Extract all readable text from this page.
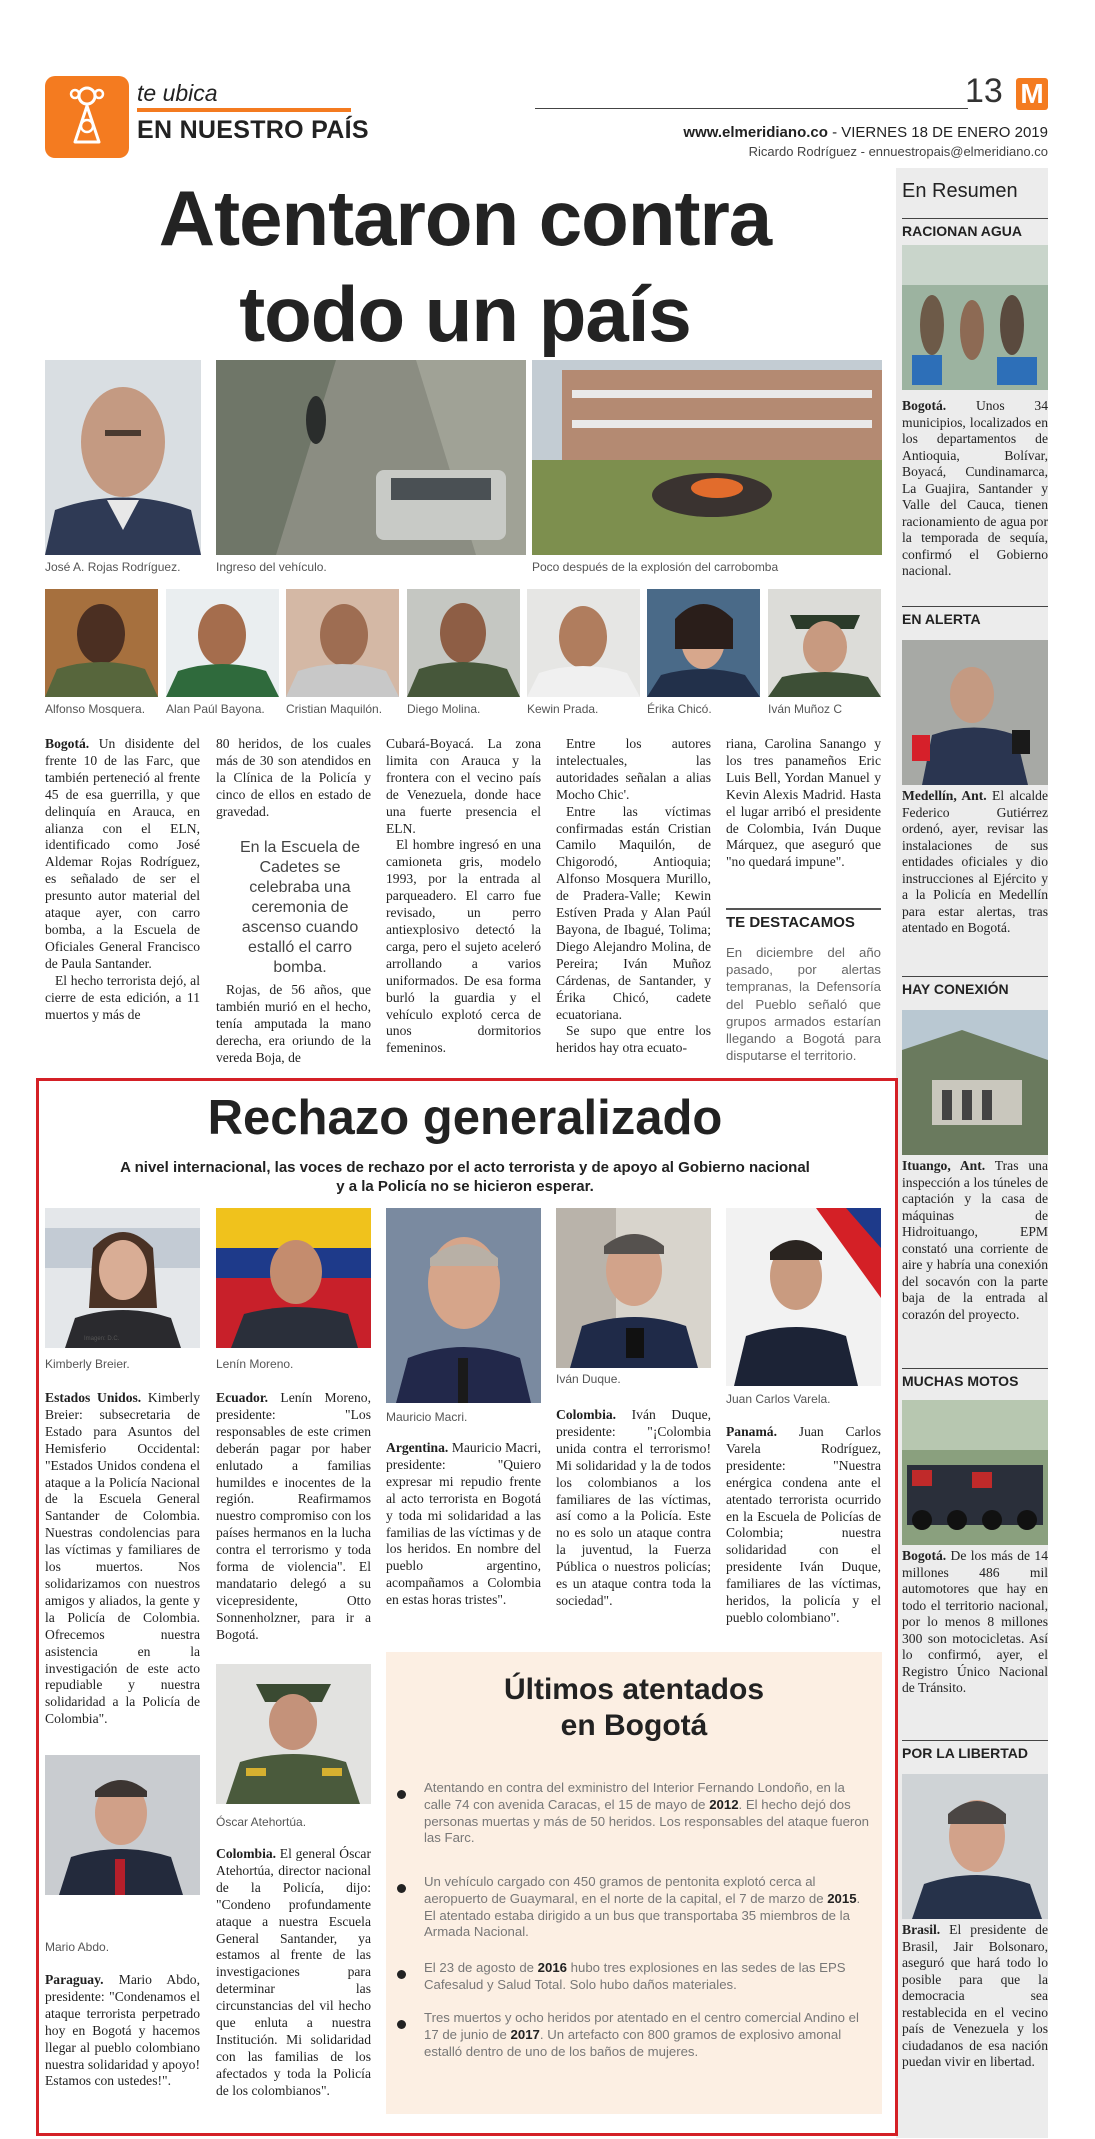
te ubica
EN NUESTRO PAÍS
13 M
www.elmeridiano.co - VIERNES 18 DE ENERO 2019
Ricardo Rodríguez - ennuestropais@elmeridiano.co
Atentaron contra
todo un país
José A. Rojas Rodríguez.	Ingreso del vehículo.	Poco después de la explosión del carrobomba
Alfonso Mosquera. Alan Paúl Bayona. Cristian Maquilón. Diego Molina.	Kewin Prada.	Érika Chicó.	Iván Muñoz C

Bogotá. Un disidente del frente 10 de las Farc, que también perteneció al frente 45 de esa guerrilla, y que delinquía en Arauca, en alianza con el ELN, identificado como José Aldemar Rojas Rodríguez, es señalado de ser el presunto autor material del ataque ayer, con carro bomba, a la Escuela de Oficiales General Francisco de Paula Santander.

El hecho terrorista dejó, al cierre de esta edición, a 11 muertos y más de

80 heridos, de los cuales más de 30 son atendidos en la Clínica de la Policía y cinco de ellos en estado de gravedad.

En la Escuela de Cadetes se celebraba una ceremonia de ascenso cuando estalló el carro bomba.

Rojas, de 56 años, que también murió en el hecho, tenía amputada la mano derecha, era oriundo de la vereda Boja, de

Cubará-Boyacá. La zona limita con Arauca y la frontera con el vecino país de Venezuela, donde hace una fuerte presencia el ELN.

El hombre ingresó en una camioneta gris, modelo 1993, por la entrada al parqueadero. El carro fue revisado, un perro antiexplosivo detectó la carga, pero el sujeto aceleró arrollando a varios uniformados. De esa forma burló la guardia y el vehículo explotó cerca de unos dormitorios femeninos.

Entre los autores intelectuales, las autoridades señalan a alias Mocho Chic'.

Entre las víctimas confirmadas están Cristian Camilo Maquilón, de Chigorodó, Antioquia; Alfonso Mosquera Murillo, de Pradera-Valle; Kewin Estíven Prada y Alan Paúl Bayona, de Ibagué, Tolima; Diego Alejandro Molina, de Pereira; Iván Muñoz Cárdenas, de Santander, y Érika Chicó, cadete ecuatoriana.

Se supo que entre los heridos hay otra ecuato-

riana, Carolina Sanango y los tres panameños Eric Luis Bell, Yordan Manuel y Kevin Alexis Madrid. Hasta el lugar arribó el presidente de Colombia, Iván Duque Márquez, que aseguró que "no quedará impune".

TE DESTACAMOS
En diciembre del año pasado, por alertas tempranas, la Defensoría del Pueblo señaló que grupos armados estarían llegando a Bogotá para disputarse el territorio.
En Resumen
RACIONAN AGUA
Bogotá. Unos 34 municipios, localizados en los departamentos de Antioquia, Bolívar, Boyacá, Cundinamarca, La Guajira, Santander y Valle del Cauca, tienen racionamiento de agua por la temporada de sequía, confirmó el Gobierno nacional.
EN ALERTA
Medellín, Ant. El alcalde Federico Gutiérrez ordenó, ayer, revisar las instalaciones de sus entidades oficiales y dio instrucciones al Ejército y a la Policía en Medellín para estar alertas, tras atentado en Bogotá.
HAY CONEXIÓN
Ituango, Ant. Tras una inspección a los túneles de captación y la casa de máquinas de Hidroituango, EPM constató una corriente de aire y habría una conexión del socavón con la parte baja de la entrada al corazón del proyecto.
MUCHAS MOTOS
Bogotá. De los más de 14 millones 486 mil automotores que hay en todo el territorio nacional, por lo menos 8 millones 300 son motocicletas. Así lo confirmó, ayer, el Registro Único Nacional de Tránsito.
POR LA LIBERTAD
Brasil. El presidente de Brasil, Jair Bolsonaro, aseguró que hará todo lo posible para que la democracia sea restablecida en el vecino país de Venezuela y los ciudadanos de esa nación puedan vivir en libertad.
Rechazo generalizado
A nivel internacional, las voces de rechazo por el acto terrorista y de apoyo al Gobierno nacional y a la Policía no se hicieron esperar.
Imagen: D.C.
Kimberly Breier.	Lenín Moreno.
Mauricio Macri.
Iván Duque.
Juan Carlos Varela.
Estados Unidos. Kimberly Breier: subsecretaria de Estado para Asuntos del Hemisferio Occidental: "Estados Unidos condena el ataque a la Policía Nacional de la Escuela General Santander de Colombia. Nuestras condolencias para las víctimas y familiares de los muertos. Nos solidarizamos con nuestros amigos y aliados, la gente y la Policía de Colombia. Ofrecemos nuestra asistencia en la investigación de este acto repudiable y nuestra solidaridad a la Policía de Colombia".
Ecuador. Lenín Moreno, presidente: "Los responsables de este crimen deberán pagar por haber enlutado a familias humildes e inocentes de la región. Reafirmamos nuestro compromiso con los países hermanos en la lucha contra el terrorismo y toda forma de violencia". El mandatario delegó a su vicepresidente, Otto Sonnenholzner, para ir a Bogotá.
Argentina. Mauricio Macri, presidente: "Quiero expresar mi repudio frente al acto terrorista en Bogotá y toda mi solidaridad a las familias de las víctimas y de los heridos. En nombre del pueblo argentino, acompañamos a Colombia en estas horas tristes".
Colombia. Iván Duque, presidente: "¡Colombia unida contra el terrorismo! Mi solidaridad y la de todos los colombianos a los familiares de las víctimas, así como a la Policía. Este no es solo un ataque contra la juventud, la Fuerza Pública o nuestros policías; es un ataque contra toda la sociedad".
Panamá. Juan Carlos Varela Rodríguez, presidente: "Nuestra enérgica condena ante el atentado terrorista ocurrido en la Escuela de Policías de Colombia; nuestra solidaridad con el presidente Iván Duque, familiares de las víctimas, heridos, la policía y el pueblo colombiano".
Mario Abdo.
Paraguay. Mario Abdo, presidente: "Condenamos el ataque terrorista perpetrado hoy en Bogotá y hacemos llegar al pueblo colombiano nuestra solidaridad y apoyo! Estamos con ustedes!".
Óscar Atehortúa.
Colombia. El general Óscar Atehortúa, director nacional de la Policía, dijo: "Condeno profundamente ataque a nuestra Escuela General Santander, ya estamos al frente de las investigaciones para determinar las circunstancias del vil hecho que enluta a nuestra Institución. Mi solidaridad con las familias de los afectados y toda la Policía de los colombianos".
Últimos atentados
en Bogotá
Atentando en contra del exministro del Interior Fernando Londoño, en la calle 74 con avenida Caracas, el 15 de mayo de 2012. El hecho dejó dos personas muertas y más de 50 heridos. Los responsables del ataque fueron las Farc.
Un vehículo cargado con 450 gramos de pentonita explotó cerca al aeropuerto de Guaymaral, en el norte de la capital, el 7 de marzo de 2015. El atentado estaba dirigido a un bus que transportaba 35 miembros de la Armada Nacional.
El 23 de agosto de 2016 hubo tres explosiones en las sedes de las EPS Cafesalud y Salud Total. Solo hubo daños materiales.
Tres muertos y ocho heridos por atentado en el centro comercial Andino el 17 de junio de 2017. Un artefacto con 800 gramos de explosivo amonal estalló dentro de uno de los baños de mujeres.
